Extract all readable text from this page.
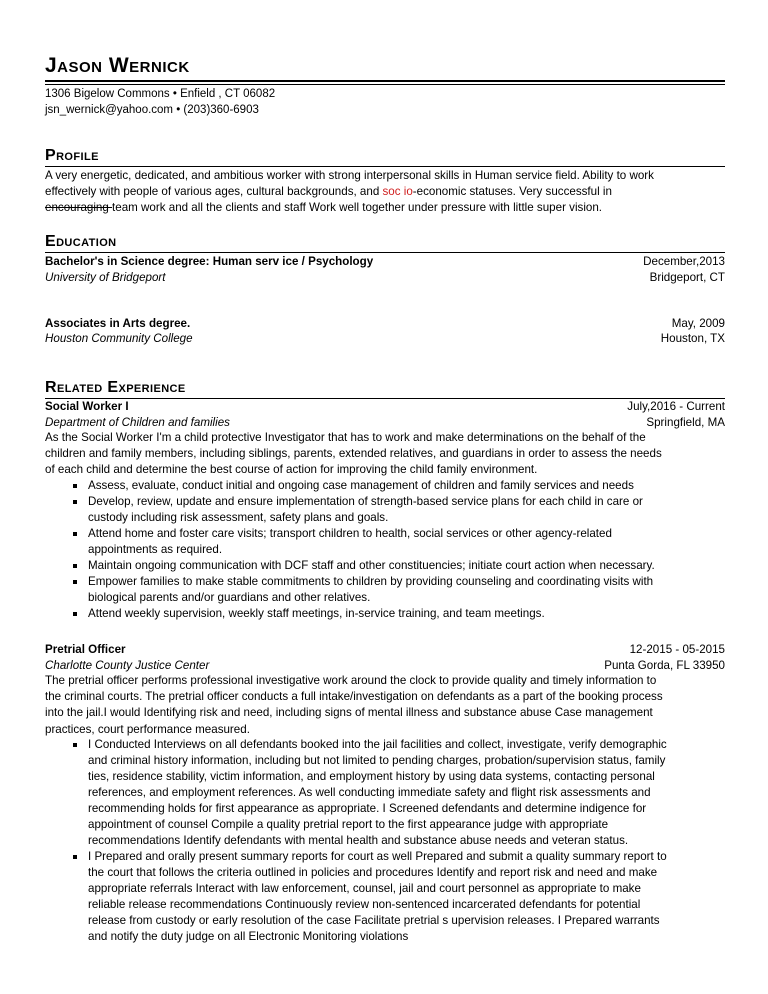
Jason Wernick
1306 Bigelow Commons • Enfield , CT 06082
jsn_wernick@yahoo.com • (203)360-6903
Profile
A very energetic, dedicated, and ambitious worker with strong interpersonal skills in Human service field. Ability to work
effectively with people of various ages, cultural backgrounds, and soc io-economic statuses. Very successful in
encouraging team work and all the clients and staff Work well together under pressure with little super vision.
Education
Bachelor's in Science degree: Human serv ice / Psychology	December,2013
University of Bridgeport	Bridgeport, CT
Associates in Arts degree.	May, 2009
Houston Community College	Houston, TX
Related Experience
Social Worker I	July,2016 - Current
Department of Children and families	Springfield, MA
As the Social Worker I'm a child protective Investigator that has to work and make determinations on the behalf of the
children and family members, including siblings, parents, extended relatives, and guardians in order to assess the needs
of each child and determine the best course of action for improving the child family environment.
Assess, evaluate, conduct initial and ongoing case management of children and family services and needs
Develop, review, update and ensure implementation of strength-based service plans for each child in care or
custody including risk assessment, safety plans and goals.
Attend home and foster care visits; transport children to health, social services or other agency-related
appointments as required.
Maintain ongoing communication with DCF staff and other constituencies; initiate court action when necessary.
Empower families to make stable commitments to children by providing counseling and coordinating visits with
biological parents and/or guardians and other relatives.
Attend weekly supervision, weekly staff meetings, in-service training, and team meetings.
Pretrial Officer	12-2015 - 05-2015
Charlotte County Justice Center	Punta Gorda, FL 33950
The pretrial officer performs professional investigative work around the clock to provide quality and timely information to
the criminal courts. The pretrial officer conducts a full intake/investigation on defendants as a part of the booking process
into the jail.I would Identifying risk and need, including signs of mental illness and substance abuse Case management
practices, court performance measured.
I Conducted Interviews on all defendants booked into the jail facilities and collect, investigate, verify demographic
and criminal history information, including but not limited to pending charges, probation/supervision status, family
ties, residence stability, victim information, and employment history by using data systems, contacting personal
references, and employment references. As well conducting immediate safety and flight risk assessments and
recommending holds for first appearance as appropriate. I Screened defendants and determine indigence for
appointment of counsel Compile a quality pretrial report to the first appearance judge with appropriate
recommendations Identify defendants with mental health and substance abuse needs and veteran status.
I Prepared and orally present summary reports for court as well Prepared and submit a quality summary report to
the court that follows the criteria outlined in policies and procedures Identify and report risk and need and make
appropriate referrals Interact with law enforcement, counsel, jail and court personnel as appropriate to make
reliable release recommendations Continuously review non-sentenced incarcerated defendants for potential
release from custody or early resolution of the case Facilitate pretrial s upervision releases. I Prepared warrants
and notify the duty judge on all Electronic Monitoring violations
